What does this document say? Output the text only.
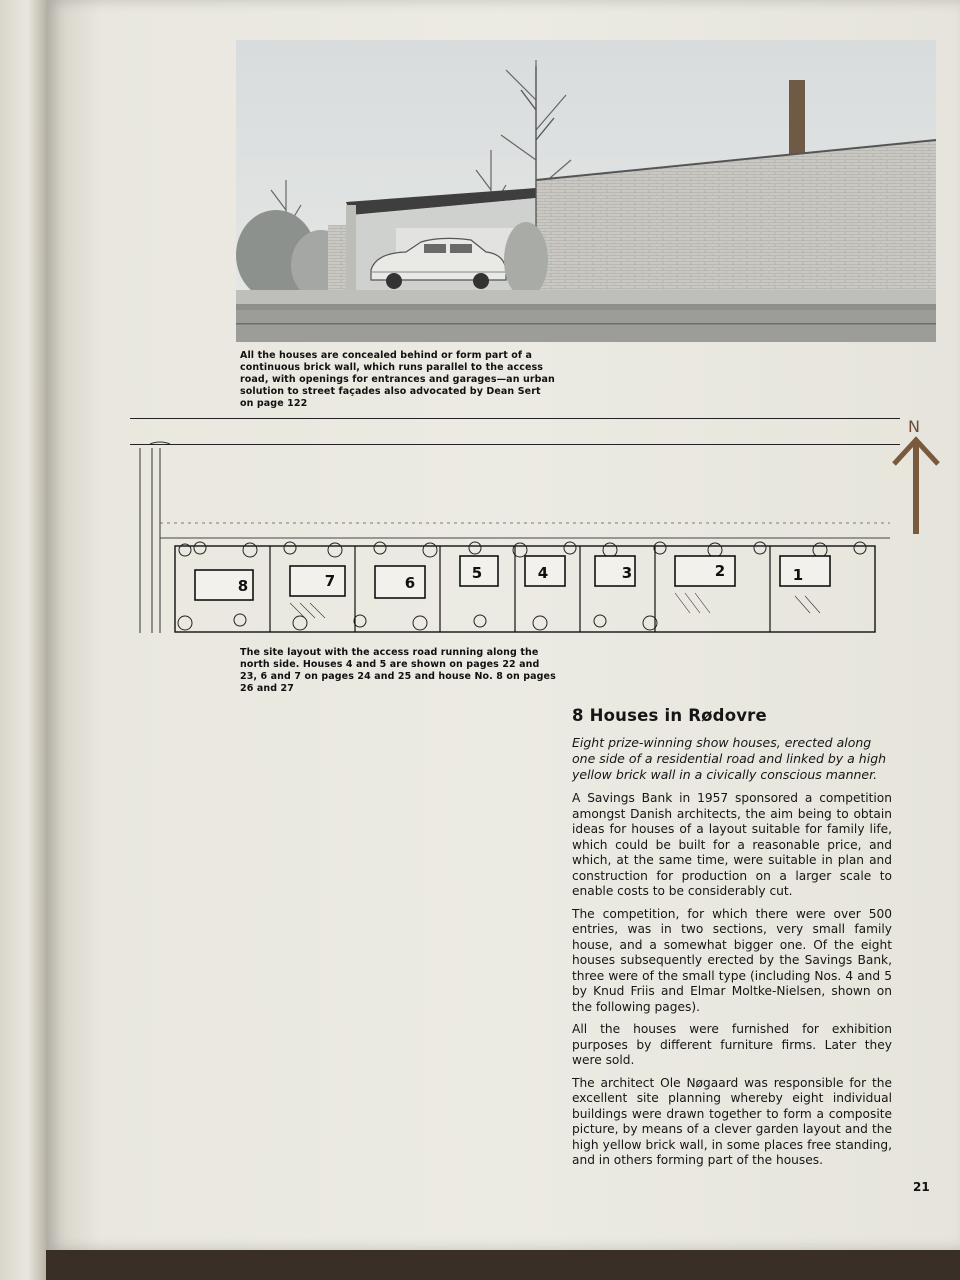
All the houses are concealed behind or form part of a continuous brick wall, which runs parallel to the access road, with openings for entrances and garages—an urban solution to street façades also advocated by Dean Sert on page 122
8	7	6
5	4	3	2	1
N
The site layout with the access road running along the north side. Houses 4 and 5 are shown on pages 22 and 23, 6 and 7 on pages 24 and 25 and house No. 8 on pages 26 and 27
8 Houses in Rødovre

Eight prize-winning show houses, erected along one side of a residential road and linked by a high yellow brick wall in a civically conscious manner.

A Savings Bank in 1957 sponsored a competition amongst Danish architects, the aim being to obtain ideas for houses of a layout suitable for family life, which could be built for a reasonable price, and which, at the same time, were suitable in plan and construction for production on a larger scale to enable costs to be considerably cut.

The competition, for which there were over 500 entries, was in two sections, very small family house, and a somewhat bigger one. Of the eight houses subsequently erected by the Savings Bank, three were of the small type (including Nos. 4 and 5 by Knud Friis and Elmar Moltke-Nielsen, shown on the following pages).

All the houses were furnished for exhibition purposes by different furniture firms. Later they were sold.

The architect Ole Nøgaard was responsible for the excellent site planning whereby eight individual buildings were drawn together to form a composite picture, by means of a clever garden layout and the high yellow brick wall, in some places free standing, and in others forming part of the houses.

21
